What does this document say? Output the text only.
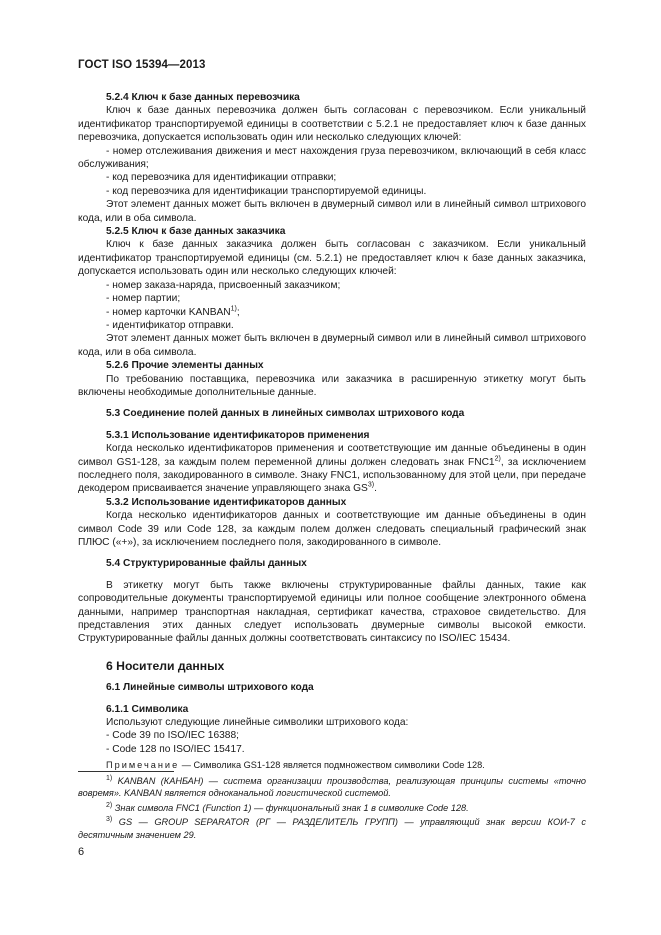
ГОСТ ISO 15394—2013

5.2.4 Ключ к базе данных перевозчика

Ключ к базе данных перевозчика должен быть согласован с перевозчиком. Если уникальный идентификатор транспортируемой единицы в соответствии с 5.2.1 не предоставляет ключ к базе данных перевозчика, допускается использовать один или несколько следующих ключей:

- номер отслеживания движения и мест нахождения груза перевозчиком, включающий в себя класс обслуживания;

- код перевозчика для идентификации отправки;

- код перевозчика для идентификации транспортируемой единицы.

Этот элемент данных может быть включен в двумерный символ или в линейный символ штрихового кода, или в оба символа.

5.2.5 Ключ к базе данных заказчика

Ключ к базе данных заказчика должен быть согласован с заказчиком. Если уникальный идентификатор транспортируемой единицы (см. 5.2.1) не предоставляет ключ к базе данных заказчика, допускается использовать один или несколько следующих ключей:

- номер заказа-наряда, присвоенный заказчиком;

- номер партии;

- номер карточки KANBAN$^{1)}$;

- идентификатор отправки.

Этот элемент данных может быть включен в двумерный символ или в линейный символ штрихового кода, или в оба символа.

5.2.6 Прочие элементы данных

По требованию поставщика, перевозчика или заказчика в расширенную этикетку могут быть включены необходимые дополнительные данные.

5.3 Соединение полей данных в линейных символах штрихового кода

5.3.1 Использование идентификаторов применения

Когда несколько идентификаторов применения и соответствующие им данные объединены в один символ GS1-128, за каждым полем переменной длины должен следовать знак FNC1$^{2)}$, за исключением последнего поля, закодированного в символе. Знаку FNC1, использованному для этой цели, при передаче декодером присваивается значение управляющего знака GS$^{3)}$.

5.3.2 Использование идентификаторов данных

Когда несколько идентификаторов данных и соответствующие им данные объединены в один символ Code 39 или Code 128, за каждым полем должен следовать специальный графический знак ПЛЮС («+»), за исключением последнего поля, закодированного в символе.

5.4 Структурированные файлы данных

В этикетку могут быть также включены структурированные файлы данных, такие как сопроводительные документы транспортируемой единицы или полное сообщение электронного обмена данными, например транспортная накладная, сертификат качества, страховое свидетельство. Для представления этих данных следует использовать двумерные символы высокой емкости. Структурированные файлы данных должны соответствовать синтаксису по ISO/IEC 15434.

6 Носители данных

6.1 Линейные символы штрихового кода

6.1.1 Символика

Используют следующие линейные символики штрихового кода:

- Code 39 по ISO/IEC 16388;

- Code 128 по ISO/IEC 15417.

Примечание — Символика GS1-128 является подмножеством символики Code 128.

$^{1)}$ KANBAN (КАНБАН) — система организации производства, реализующая принципы системы «точно вовремя». KANBAN является одноканальной логистической системой.

$^{2)}$ Знак символа FNC1 (Function 1) — функциональный знак 1 в символике Code 128.

$^{3)}$ GS — GROUP SEPARATOR (РГ — РАЗДЕЛИТЕЛЬ ГРУПП) — управляющий знак версии КОИ-7 с десятичным значением 29.

6
